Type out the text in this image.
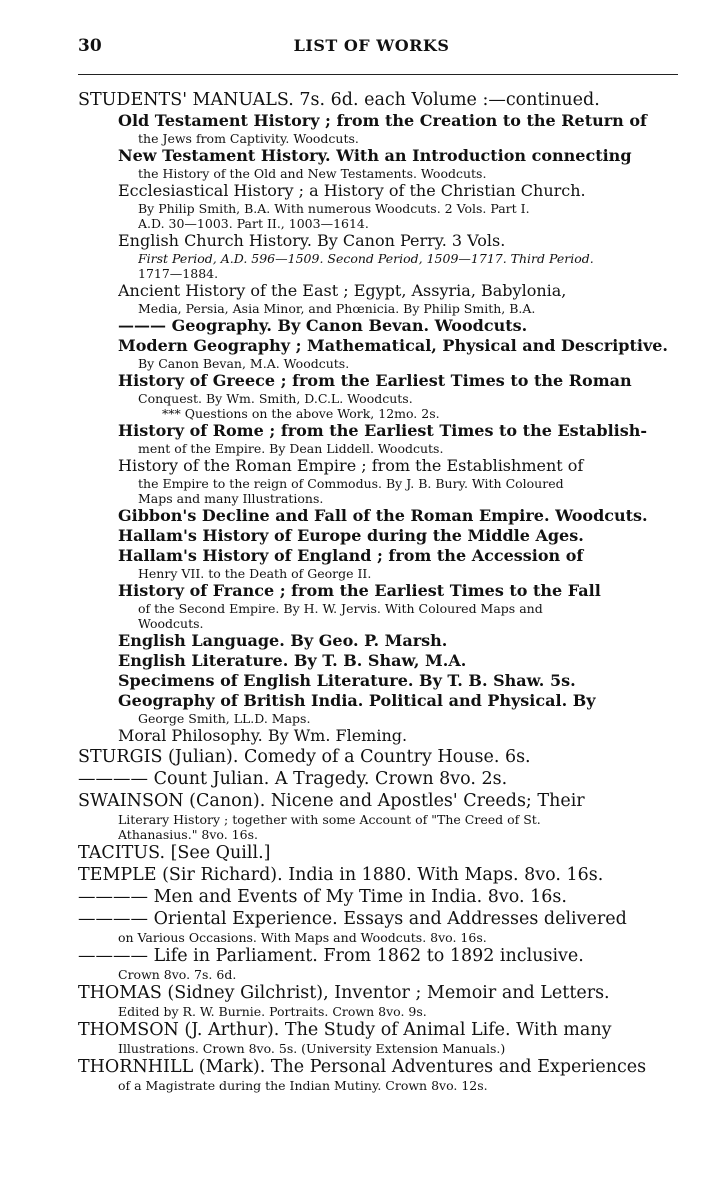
30	LIST OF WORKS
STUDENTS' MANUALS. 7s. 6d. each Volume :—continued.
Old Testament History ; from the Creation to the Return of
the Jews from Captivity. Woodcuts.
New Testament History. With an Introduction connecting
the History of the Old and New Testaments. Woodcuts.
Ecclesiastical History ; a History of the Christian Church.
By Philip Smith, B.A. With numerous Woodcuts. 2 Vols. Part I.
A.D. 30—1003. Part II., 1003—1614.
English Church History. By Canon Perry. 3 Vols.
First Period, A.D. 596—1509. Second Period, 1509—1717. Third Period.
1717—1884.
Ancient History of the East ; Egypt, Assyria, Babylonia,
Media, Persia, Asia Minor, and Phœnicia. By Philip Smith, B.A.
——— Geography. By Canon Bevan. Woodcuts.
Modern Geography ; Mathematical, Physical and Descriptive.
By Canon Bevan, M.A. Woodcuts.
History of Greece ; from the Earliest Times to the Roman
Conquest. By Wm. Smith, D.C.L. Woodcuts.
*** Questions on the above Work, 12mo. 2s.
History of Rome ; from the Earliest Times to the Establish-
ment of the Empire. By Dean Liddell. Woodcuts.
History of the Roman Empire ; from the Establishment of
the Empire to the reign of Commodus. By J. B. Bury. With Coloured
Maps and many Illustrations.
Gibbon's Decline and Fall of the Roman Empire. Woodcuts.
Hallam's History of Europe during the Middle Ages.
Hallam's History of England ; from the Accession of
Henry VII. to the Death of George II.
History of France ; from the Earliest Times to the Fall
of the Second Empire. By H. W. Jervis. With Coloured Maps and
Woodcuts.
English Language. By Geo. P. Marsh.
English Literature. By T. B. Shaw, M.A.
Specimens of English Literature. By T. B. Shaw. 5s.
Geography of British India. Political and Physical. By
George Smith, LL.D. Maps.
Moral Philosophy. By Wm. Fleming.
STURGIS (Julian). Comedy of a Country House. 6s.
———— Count Julian. A Tragedy. Crown 8vo. 2s.
SWAINSON (Canon). Nicene and Apostles' Creeds; Their
Literary History ; together with some Account of "The Creed of St.
Athanasius." 8vo. 16s.
TACITUS. [See Quill.]
TEMPLE (Sir Richard). India in 1880. With Maps. 8vo. 16s.
———— Men and Events of My Time in India. 8vo. 16s.
———— Oriental Experience. Essays and Addresses delivered
on Various Occasions. With Maps and Woodcuts. 8vo. 16s.
———— Life in Parliament. From 1862 to 1892 inclusive.
Crown 8vo. 7s. 6d.
THOMAS (Sidney Gilchrist), Inventor ; Memoir and Letters.
Edited by R. W. Burnie. Portraits. Crown 8vo. 9s.
THOMSON (J. Arthur). The Study of Animal Life. With many
Illustrations. Crown 8vo. 5s. (University Extension Manuals.)
THORNHILL (Mark). The Personal Adventures and Experiences
of a Magistrate during the Indian Mutiny. Crown 8vo. 12s.
